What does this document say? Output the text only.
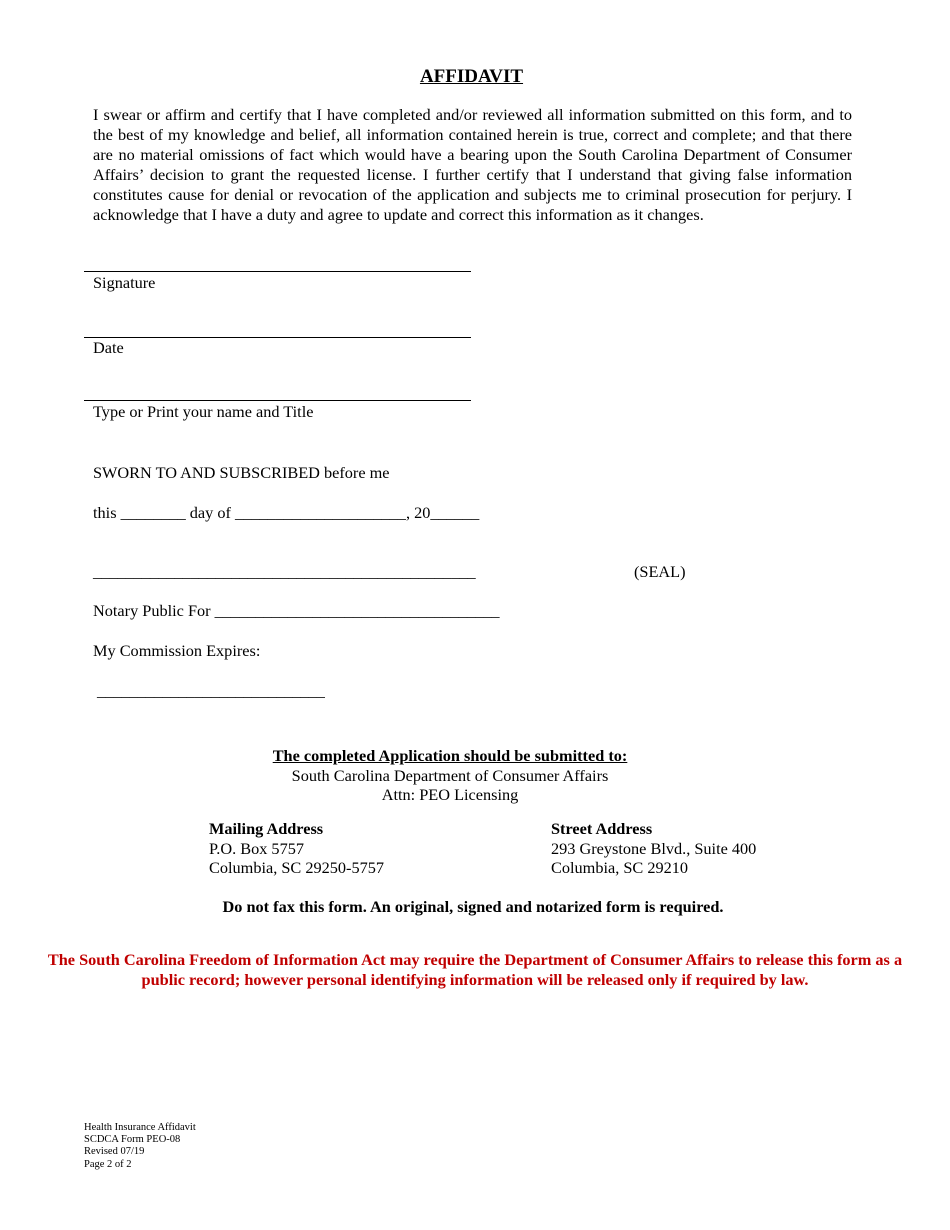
AFFIDAVIT
I swear or affirm and certify that I have completed and/or reviewed all information submitted on this form, and to the best of my knowledge and belief, all information contained herein is true, correct and complete; and that there are no material omissions of fact which would have a bearing upon the South Carolina Department of Consumer Affairs’ decision to grant the requested license. I further certify that I understand that giving false information constitutes cause for denial or revocation of the application and subjects me to criminal prosecution for perjury. I acknowledge that I have a duty and agree to update and correct this information as it changes.
Signature
Date
Type or Print your name and Title
SWORN TO AND SUBSCRIBED before me
this ________ day of _____________________, 20______
_______________________________________________	(SEAL)
Notary Public For ___________________________________
My Commission Expires:
____________________________
The completed Application should be submitted to:
South Carolina Department of Consumer Affairs
Attn: PEO Licensing
Mailing Address
P.O. Box 5757
Columbia, SC 29250-5757
Street Address
293 Greystone Blvd., Suite 400
Columbia, SC 29210
Do not fax this form. An original, signed and notarized form is required.
The South Carolina Freedom of Information Act may require the Department of Consumer Affairs to release this form as a public record; however personal identifying information will be released only if required by law.
Health Insurance Affidavit
SCDCA Form PEO-08
Revised 07/19
Page 2 of 2
